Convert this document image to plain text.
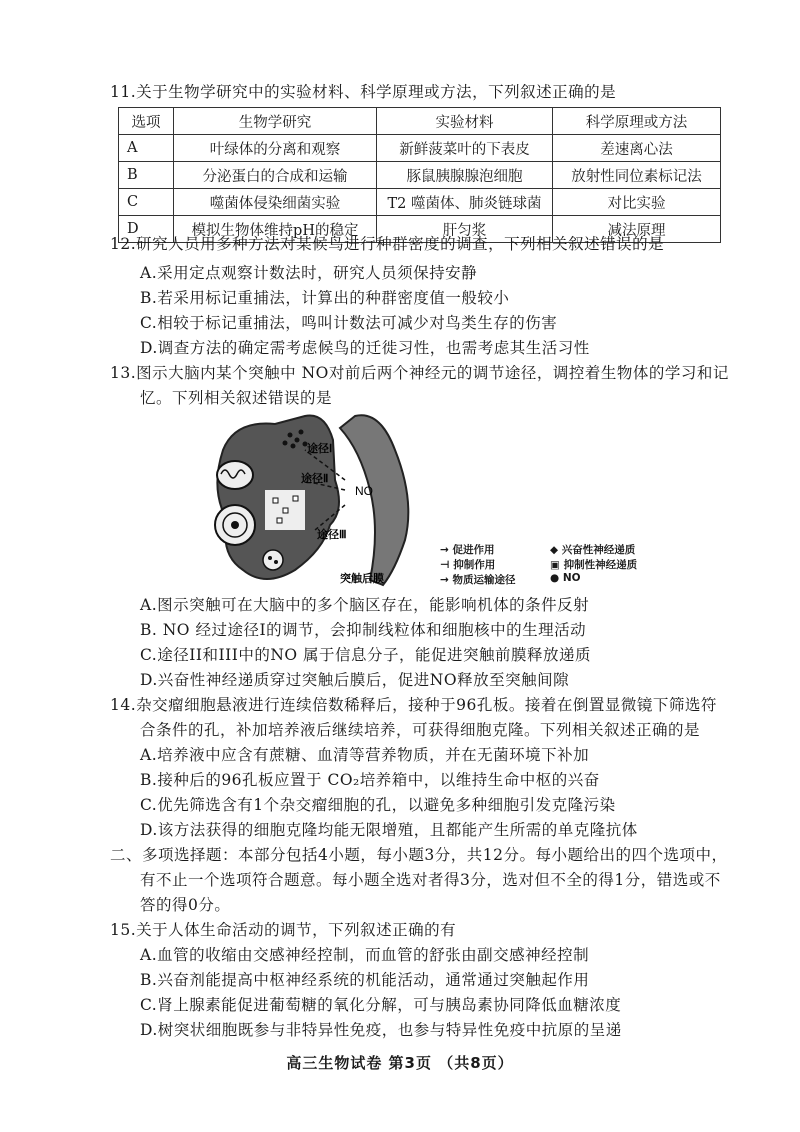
11.关于生物学研究中的实验材料、科学原理或方法，下列叙述正确的是
选项	生物学研究	实验材料	科学原理或方法
A	叶绿体的分离和观察	新鲜菠菜叶的下表皮	差速离心法
B	分泌蛋白的合成和运输	豚鼠胰腺腺泡细胞	放射性同位素标记法
C	噬菌体侵染细菌实验	T2 噬菌体、肺炎链球菌	对比实验
D	模拟生物体维持pH的稳定	肝匀浆	减法原理
12.研究人员用多种方法对某候鸟进行种群密度的调查，下列相关叙述错误的是
A.采用定点观察计数法时，研究人员须保持安静
B.若采用标记重捕法，计算出的种群密度值一般较小
C.相较于标记重捕法，鸣叫计数法可减少对鸟类生存的伤害
D.调查方法的确定需考虑候鸟的迁徙习性，也需考虑其生活习性
13.图示大脑内某个突触中 NO对前后两个神经元的调节途径，调控着生物体的学习和记
忆。下列相关叙述错误的是
途径Ⅰ
途径Ⅱ
途径Ⅲ
NO
突触后膜
→ 促进作用
⊣ 抑制作用
→ 物质运输途径
◆ 兴奋性神经递质
▣ 抑制性神经递质
● NO
A.图示突触可在大脑中的多个脑区存在，能影响机体的条件反射
B. NO 经过途径Ⅰ的调节，会抑制线粒体和细胞核中的生理活动
C.途径II和III中的NO 属于信息分子，能促进突触前膜释放递质
D.兴奋性神经递质穿过突触后膜后，促进NO释放至突触间隙
14.杂交瘤细胞悬液进行连续倍数稀释后，接种于96孔板。接着在倒置显微镜下筛选符
合条件的孔，补加培养液后继续培养，可获得细胞克隆。下列相关叙述正确的是
A.培养液中应含有蔗糖、血清等营养物质，并在无菌环境下补加
B.接种后的96孔板应置于 CO₂培养箱中，以维持生命中枢的兴奋
C.优先筛选含有1个杂交瘤细胞的孔，以避免多种细胞引发克隆污染
D.该方法获得的细胞克隆均能无限增殖，且都能产生所需的单克隆抗体
二、多项选择题：本部分包括4小题，每小题3分，共12分。每小题给出的四个选项中，
有不止一个选项符合题意。每小题全选对者得3分，选对但不全的得1分，错选或不
答的得0分。
15.关于人体生命活动的调节，下列叙述正确的有
A.血管的收缩由交感神经控制，而血管的舒张由副交感神经控制
B.兴奋剂能提高中枢神经系统的机能活动，通常通过突触起作用
C.肾上腺素能促进葡萄糖的氧化分解，可与胰岛素协同降低血糖浓度
D.树突状细胞既参与非特异性免疫，也参与特异性免疫中抗原的呈递
高三生物试卷 第3页 （共8页）
